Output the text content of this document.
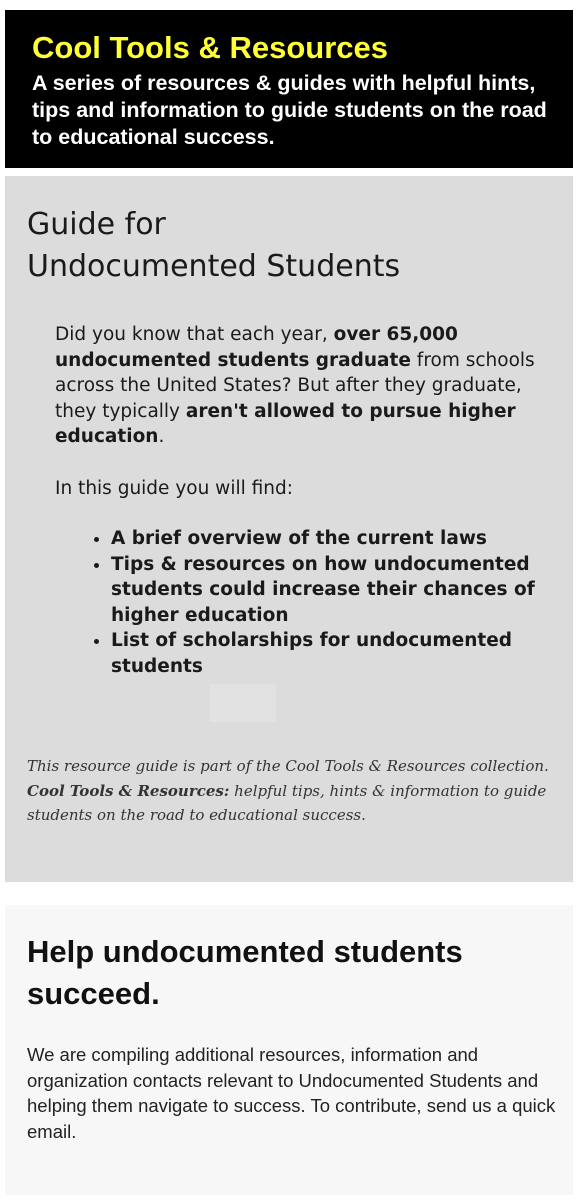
Cool Tools & Resources

A series of resources & guides with helpful hints, tips and information to guide students on the road to educational success.

Guide for
Undocumented Students

Did you know that each year, over 65,000 undocumented students graduate from schools across the United States? But after they graduate, they typically aren't allowed to pursue higher education.

In this guide you will find:

• A brief overview of the current laws
• Tips & resources on how undocumented students could increase their chances of higher education
• List of scholarships for undocumented students

This resource guide is part of the Cool Tools & Resources collection.
Cool Tools & Resources: helpful tips, hints & information to guide students on the road to educational success.

Help undocumented students succeed.

We are compiling additional resources, information and organization contacts relevant to Undocumented Students and helping them navigate to success. To contribute, send us a quick email.
